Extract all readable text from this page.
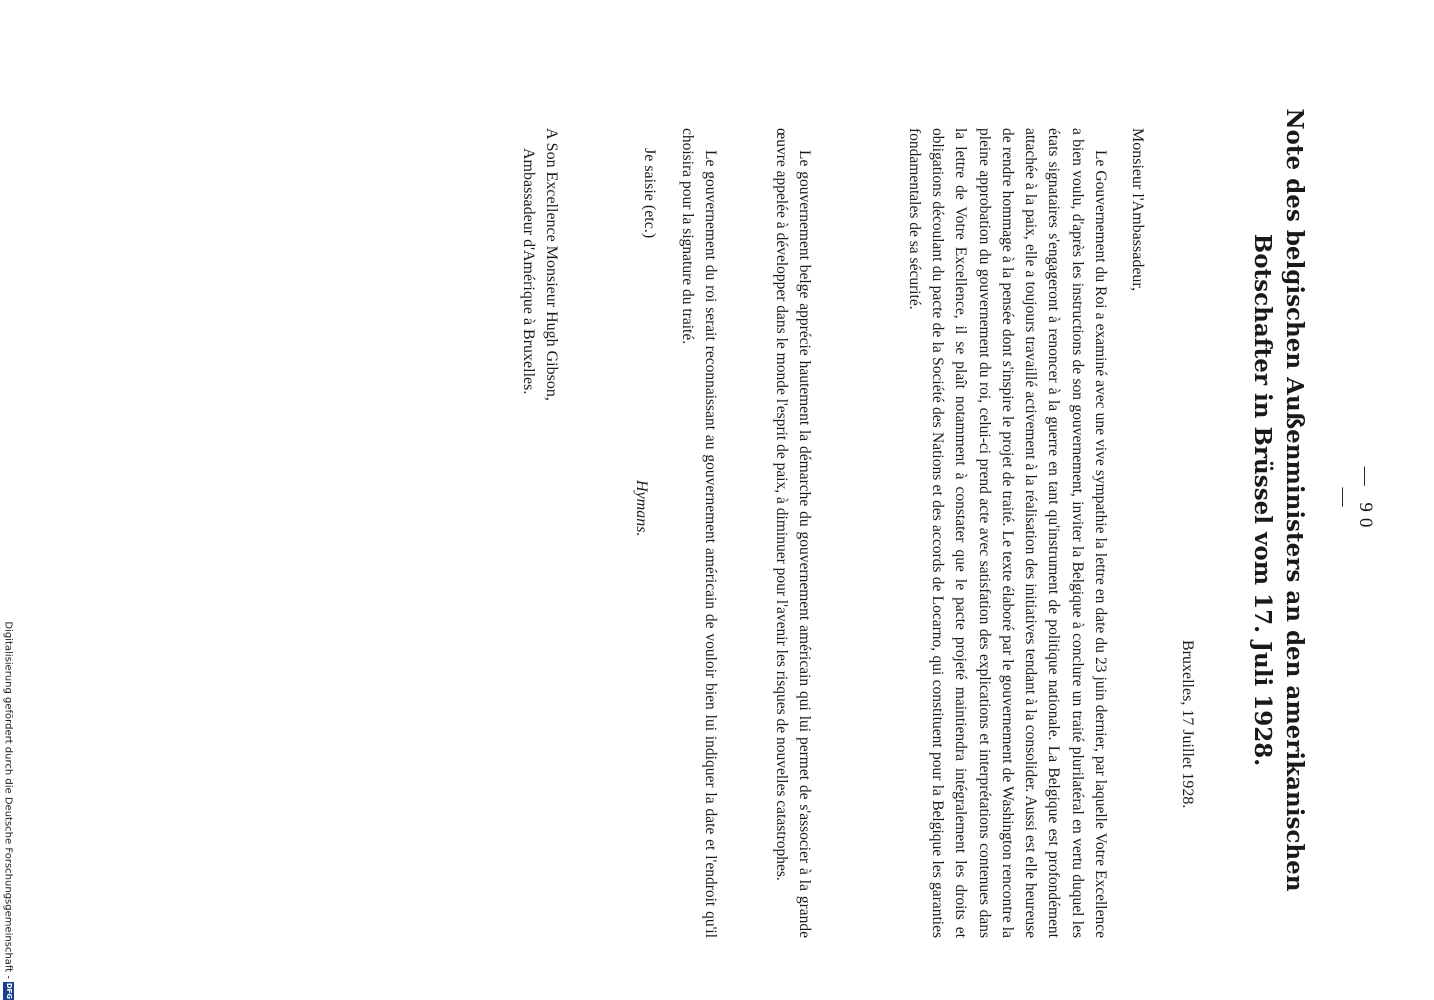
— 90 —
Note des belgischen Außenministers an den amerikanischen
Botschafter in Brüssel vom 17. Juli 1928.
Bruxelles, 17 Juillet 1928.
Monsieur l'Ambassadeur,

Le Gouvernement du Roi a examiné avec une vive sympathie la lettre en date du 23 juin dernier, par laquelle Votre Excellence a bien voulu, d'après les instructions de son gouvernement, inviter la Belgique à conclure un traité plurilatéral en vertu duquel les états signataires s'engageront à renoncer à la guerre en tant qu'instrument de politique nationale. La Belgique est profondément attachée à la paix, elle a toujours travaillé activement à la réalisation des initiatives tendant à la consolider. Aussi est elle heureuse de rendre hommage à la pensée dont s'inspire le projet de traité. Le texte élaboré par le gouvernement de Washington rencontre la pleine approbation du gouvernement du roi, celui-ci prend acte avec satisfation des explications et interprétations contenues dans la lettre de Votre Excellence, il se plaît notamment à constater que le pacte projeté maintiendra intégralement les droits et obligations découlant du pacte de la Société des Nations et des accords de Locarno, qui constituent pour la Belgique les garanties fondamentales de sa sécurité.

Le gouvernement belge apprécie hautement la démarche du gouvernement américain qui lui permet de s'associer à la grande œuvre appelée à développer dans le monde l'esprit de paix, à diminuer pour l'avenir les risques de nouvelles catastrophes.

Le gouvernement du roi serait reconnaissant au gouvernement américain de vouloir bien lui indiquer la date et l'endroit qu'il choisira pour la signature du traité.

Je saisie (etc.)
Hymans.
A Son Excellence Monsieur Hugh Gibson,
Ambassadeur d'Amérique à Bruxelles.
Digitalisierung gefördert durch die Deutsche Forschungsgemeinschaft -DFG
